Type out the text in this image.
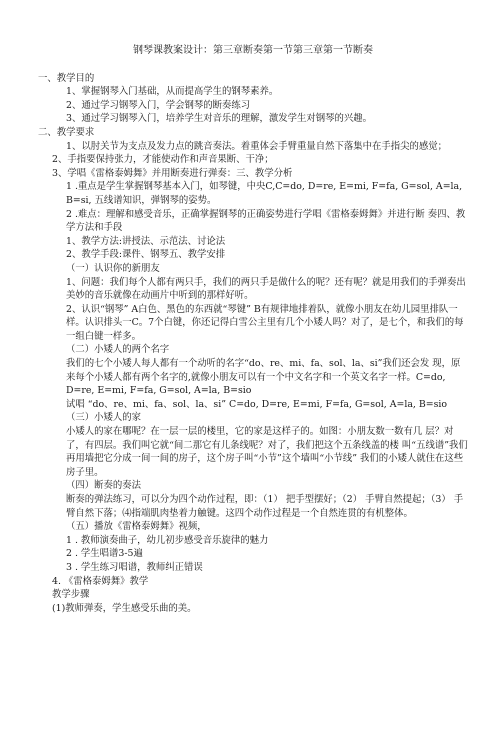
钢琴课教案设计：第三章断奏第一节第三章第一节断奏

一、教学目的

1、掌握钢琴入门基础，从而提高学生的钢琴素养。

2、通过学习钢琴入门，学会钢琴的断奏练习

3、通过学习钢琴入门，培养学生对音乐的理解，激发学生对钢琴的兴趣。

二、教学要求

1、以肘关节为支点及发力点的跳音奏法。着重体会手臂重量自然下落集中在手指尖的感觉；

2、手指要保持张力，才能使动作和声音果断、干净；

3、学唱《雷格泰姆舞》并用断奏进行弹奏：三、教学分析

1 .重点是学生掌握钢琴基本入门，如琴键，中央C,C=do, D=re, E=mi, F=fa, G=sol, A=la, B=si, 五线谱知识，弹钢琴的姿势。

2 .难点：理解和感受音乐，正确掌握钢琴的正确姿势进行学唱《雷格泰姆舞》并进行断 奏四、教学方法和手段

1、教学方法:讲授法、示范法、讨论法

2、教学手段:课件、钢琴五、教学安排

（一）认识你的新朋友

1、问题：我们每个人都有两只手，我们的两只手是做什么的呢？还有呢？就是用我们的手弹奏出美妙的音乐就像在动画片中听到的那样好听。

2、认识“钢琴” A白色、黑色的东西就“琴键” B有规律地排着队，就像小朋友在幼儿园里排队一样。认识排头一C。7个白键，你还记得白雪公主里有几个小矮人吗？对了，是七个，和我们的每一组白键一样多。

（二）小矮人的两个名字

我们的七个小矮人每人都有一个动听的名字“do、re、mi、fa、sol、la、si”我们还会发 现，原来每个小矮人都有两个名字的,就像小朋友可以有一个中文名字和一个英文名字一样。C=do, D=re, E=mi, F=fa, G=sol, A=la, B=sio

试唱 “do、re、mi、fa、sol、la、si” C=do, D=re, E=mi, F=fa, G=sol, A=la, B=sio

（三）小矮人的家

小矮人的家在哪呢？在一层一层的楼里，它的家是这样子的。如图：小朋友数一数有几 层？对了，有四层。我们叫它就“间二那它有儿条线呢？对了，我们把这个五条线盖的楼 叫“五线谱”我们再用墙把它分成一间一间的房子，这个房子叫“小节”这个墙叫“小节线” 我们的小矮人就住在这些房子里。

（四）断奏的奏法

断奏的弹法练习，可以分为四个动作过程，即：（1） 把手型摆好；（2） 手臂自然提起；（3） 手 臂自然下落；⑷指端肌肉垫着力触键。这四个动作过程是一个自然连贯的有机整体。

（五）播放《雷格泰姆舞》视频，

1 . 教师演奏曲子，幼儿初步感受音乐旋律的魅力

2 . 学生唱谱3-5遍

3 . 学生练习唱谱，教师纠正错误

4. 《雷格泰姆舞》教学

教学步骤

(1)教师弹奏，学生感受乐曲的美。
